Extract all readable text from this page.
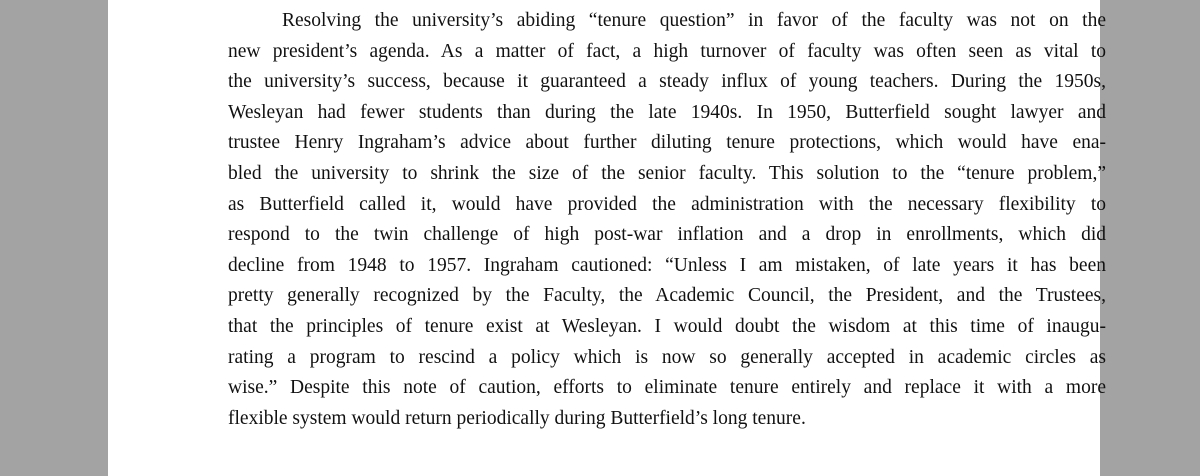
Resolving the university’s abiding “tenure question” in favor of the faculty was not on the
new president’s agenda. As a matter of fact, a high turnover of faculty was often seen as vital to
the university’s success, because it guaranteed a steady influx of young teachers. During the 1950s,
Wesleyan had fewer students than during the late 1940s. In 1950, Butterfield sought lawyer and
trustee Henry Ingraham’s advice about further diluting tenure protections, which would have ena-
bled the university to shrink the size of the senior faculty. This solution to the “tenure problem,”
as Butterfield called it, would have provided the administration with the necessary flexibility to
respond to the twin challenge of high post-war inflation and a drop in enrollments, which did
decline from 1948 to 1957. Ingraham cautioned: “Unless I am mistaken, of late years it has been
pretty generally recognized by the Faculty, the Academic Council, the President, and the Trustees,
that the principles of tenure exist at Wesleyan. I would doubt the wisdom at this time of inaugu-
rating a program to rescind a policy which is now so generally accepted in academic circles as
wise.” Despite this note of caution, efforts to eliminate tenure entirely and replace it with a more
flexible system would return periodically during Butterfield’s long tenure.
